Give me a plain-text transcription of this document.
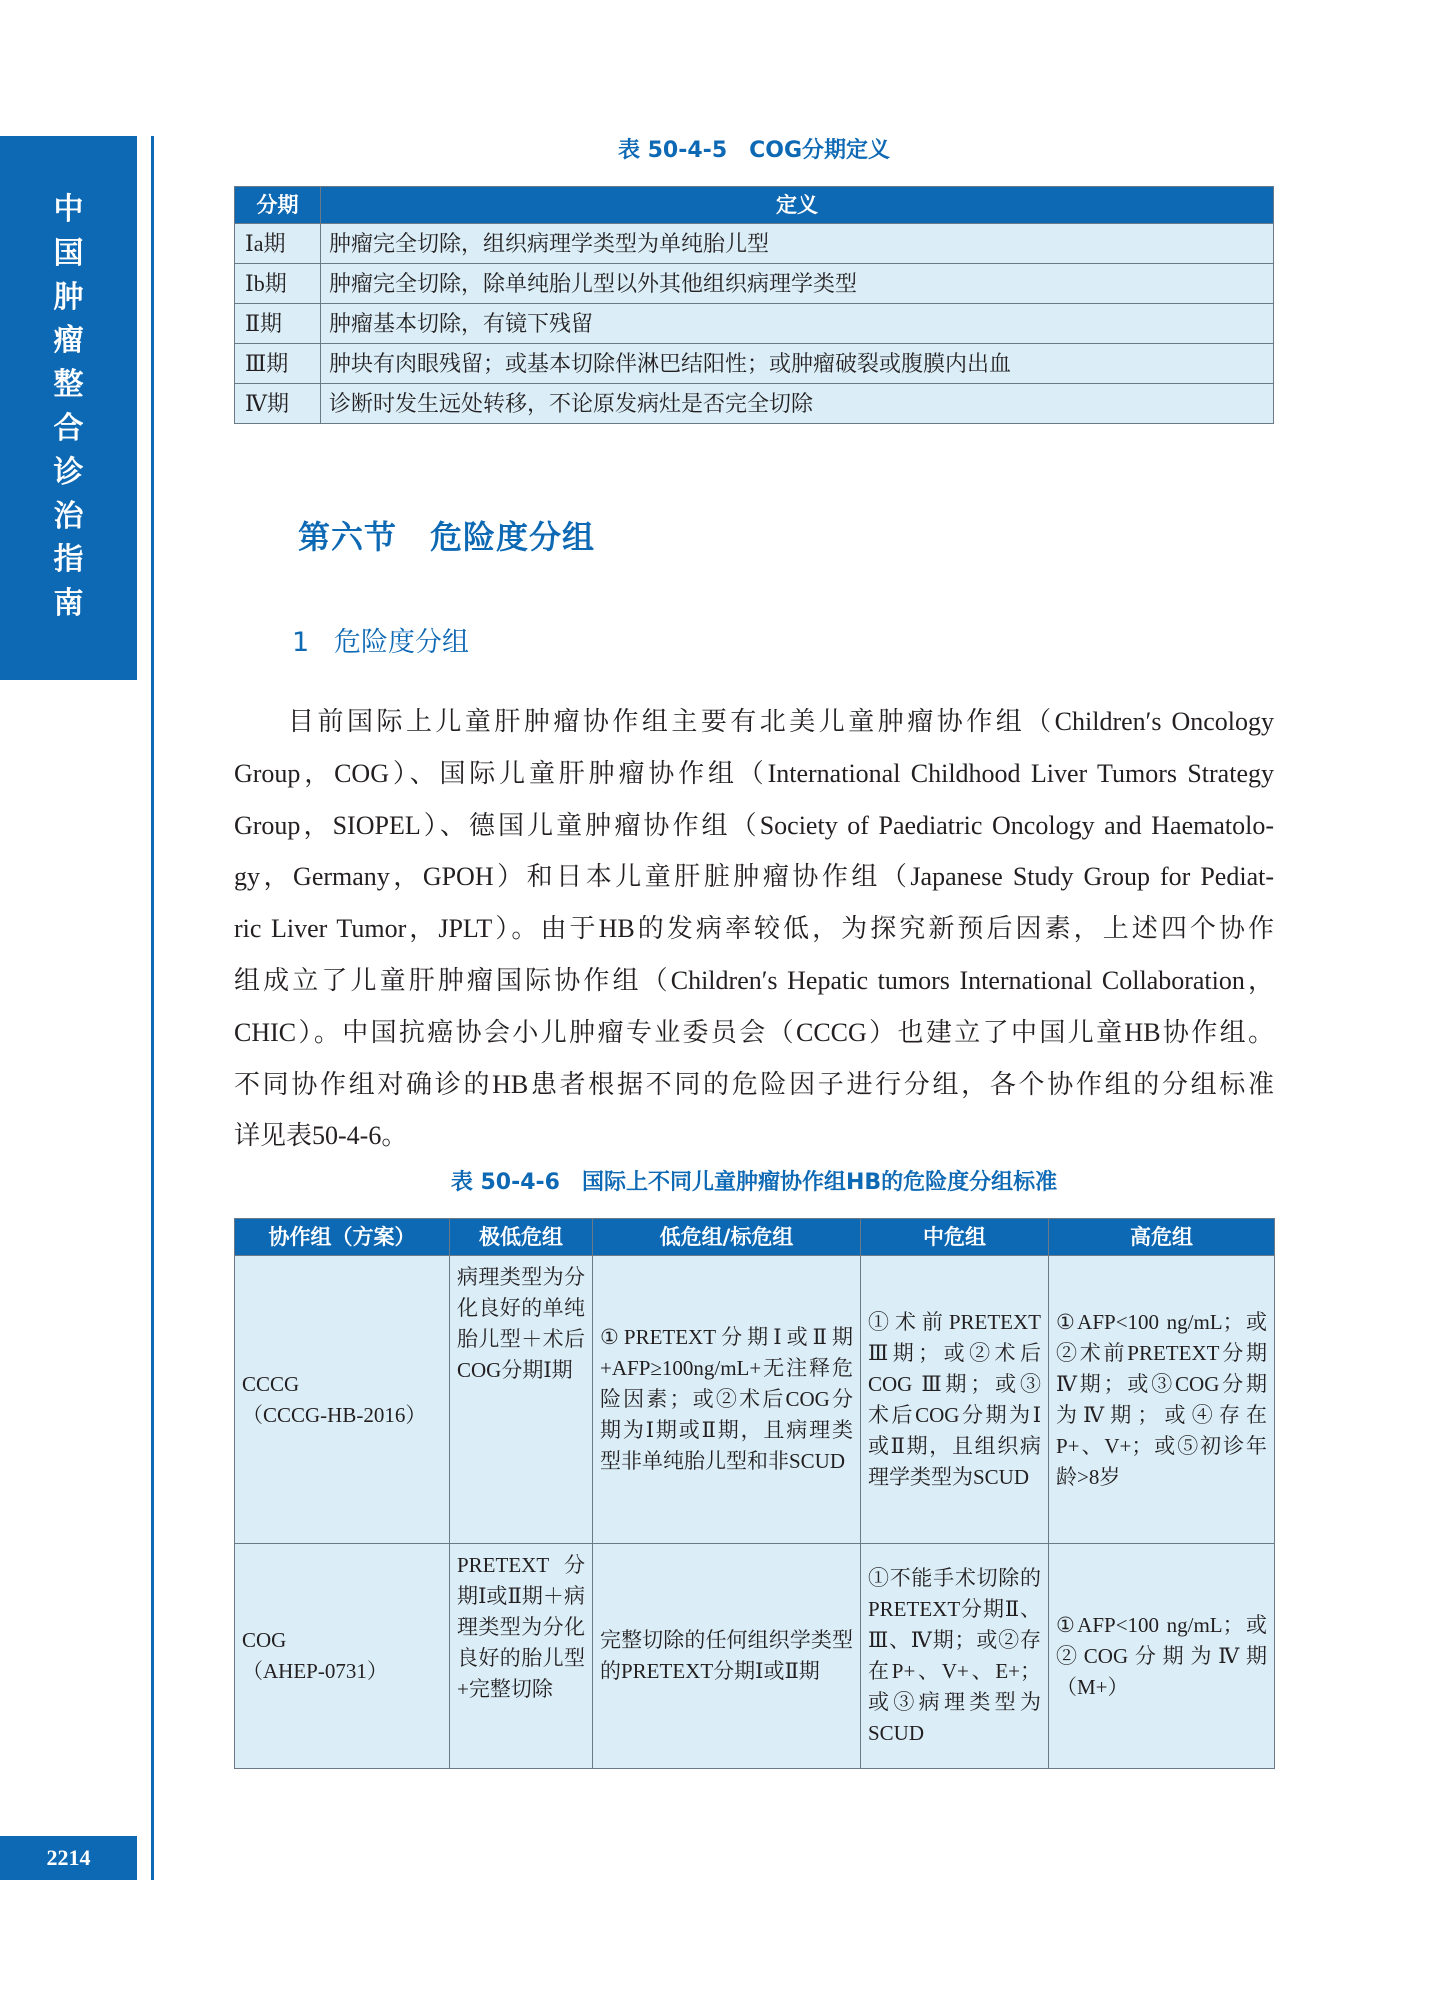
中
国
肿
瘤
整
合
诊
治
指
南
2214
表 50-4-5　COG分期定义
分期	定义
Ⅰa期	肿瘤完全切除，组织病理学类型为单纯胎儿型
Ⅰb期	肿瘤完全切除，除单纯胎儿型以外其他组织病理学类型
Ⅱ期	肿瘤基本切除，有镜下残留
Ⅲ期	肿块有肉眼残留；或基本切除伴淋巴结阳性；或肿瘤破裂或腹膜内出血
Ⅳ期	诊断时发生远处转移，不论原发病灶是否完全切除
第六节　危险度分组
1 危险度分组
目前国际上儿童肝肿瘤协作组主要有北美儿童肿瘤协作组（Children′s Oncology
Group，COG）、国际儿童肝肿瘤协作组（International Childhood Liver Tumors Strategy
Group，SIOPEL）、德国儿童肿瘤协作组（Society of Paediatric Oncology and Haematolo-
gy，Germany，GPOH）和日本儿童肝脏肿瘤协作组（Japanese Study Group for Pediat-
ric Liver Tumor，JPLT）。由于HB的发病率较低，为探究新预后因素，上述四个协作
组成立了儿童肝肿瘤国际协作组（Children′s Hepatic tumors International Collaboration，
CHIC）。中国抗癌协会小儿肿瘤专业委员会（CCCG）也建立了中国儿童HB协作组。
不同协作组对确诊的HB患者根据不同的危险因子进行分组，各个协作组的分组标准
详见表50-4-6。
表 50-4-6　国际上不同儿童肿瘤协作组HB的危险度分组标准
协作组（方案）	极低危组	低危组/标危组	中危组	高危组

CCCG
（CCCG-HB-2016）	病理类型为分化良好的单纯胎儿型＋术后COG分期Ⅰ期	①PRETEXT分期Ⅰ或Ⅱ期+AFP≥100ng/mL+无注释危险因素；或②术后COG分期为Ⅰ期或Ⅱ期，且病理类型非单纯胎儿型和非SCUD	①术前PRETEXT Ⅲ期；或②术后COG Ⅲ期；或③术后COG分期为Ⅰ或Ⅱ期，且组织病理学类型为SCUD	①AFP<100 ng/mL；或②术前PRETEXT分期Ⅳ期；或③COG分期为Ⅳ期；或④存在P+、V+；或⑤初诊年龄>8岁

COG
（AHEP-0731）	PRETEXT分期Ⅰ或Ⅱ期＋病理类型为分化良好的胎儿型+完整切除	完整切除的任何组织学类型的PRETEXT分期Ⅰ或Ⅱ期	①不能手术切除的PRETEXT分期Ⅱ、Ⅲ、Ⅳ期；或②存在P+、V+、E+；或③病理类型为SCUD	①AFP<100 ng/mL；或②COG分期为Ⅳ期（M+）
